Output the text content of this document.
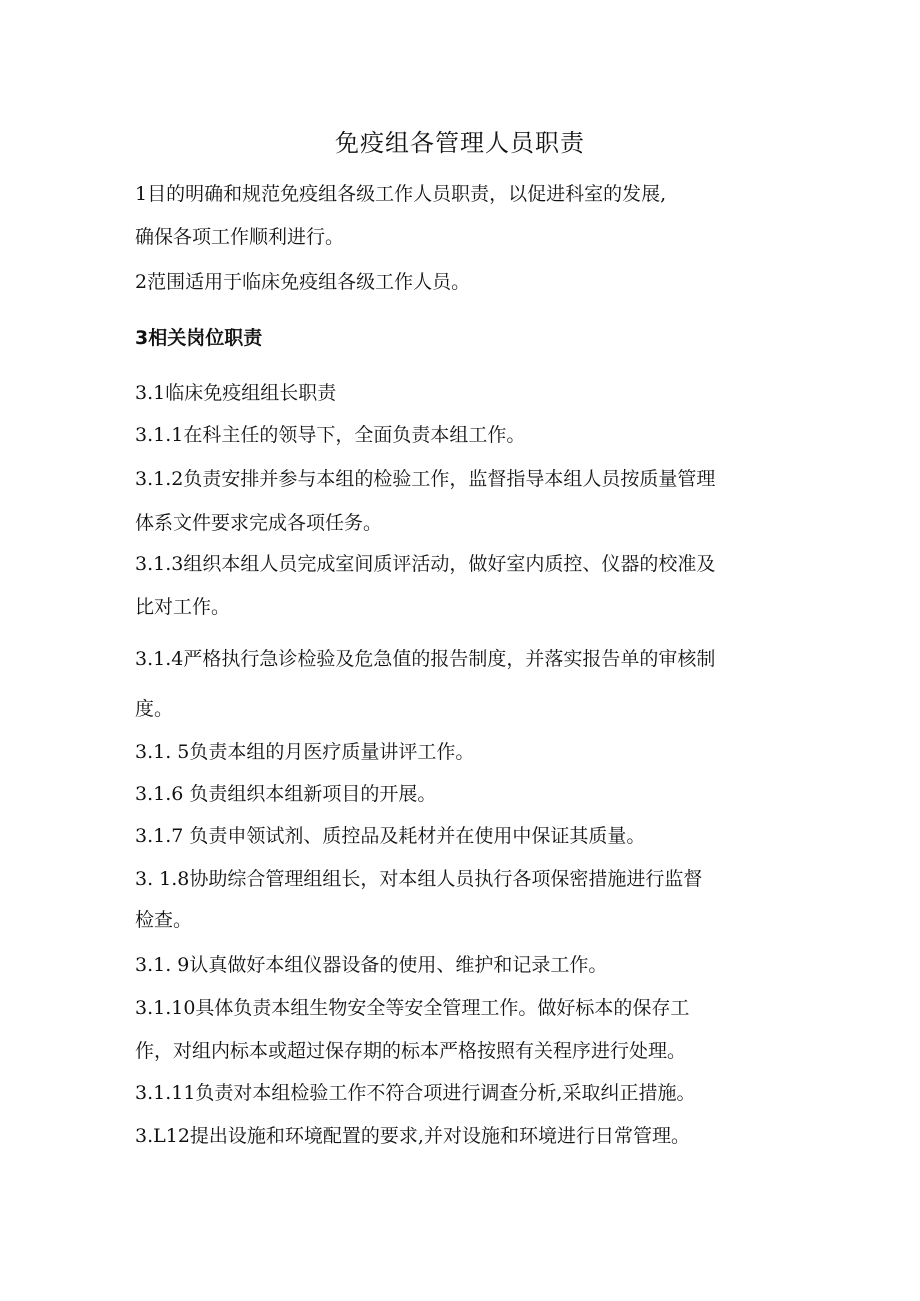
免疫组各管理人员职责

1目的明确和规范免疫组各级工作人员职责，以促进科室的发展,

确保各项工作顺利进行。

2范围适用于临床免疫组各级工作人员。

3相关岗位职责

3.1临床免疫组组长职责

3.1.1在科主任的领导下，全面负责本组工作。

3.1.2负责安排并参与本组的检验工作，监督指导本组人员按质量管理

体系文件要求完成各项任务。

3.1.3组织本组人员完成室间质评活动，做好室内质控、仪器的校准及

比对工作。

3.1.4严格执行急诊检验及危急值的报告制度，并落实报告单的审核制

度。

3.1. 5负责本组的月医疗质量讲评工作。

3.1.6 负责组织本组新项目的开展。

3.1.7 负责申领试剂、质控品及耗材并在使用中保证其质量。

3. 1.8协助综合管理组组长，对本组人员执行各项保密措施进行监督

检查。

3.1. 9认真做好本组仪器设备的使用、维护和记录工作。

3.1.10具体负责本组生物安全等安全管理工作。做好标本的保存工

作，对组内标本或超过保存期的标本严格按照有关程序进行处理。

3.1.11负责对本组检验工作不符合项进行调查分析,采取纠正措施。

3.L12提出设施和环境配置的要求,并对设施和环境进行日常管理。
